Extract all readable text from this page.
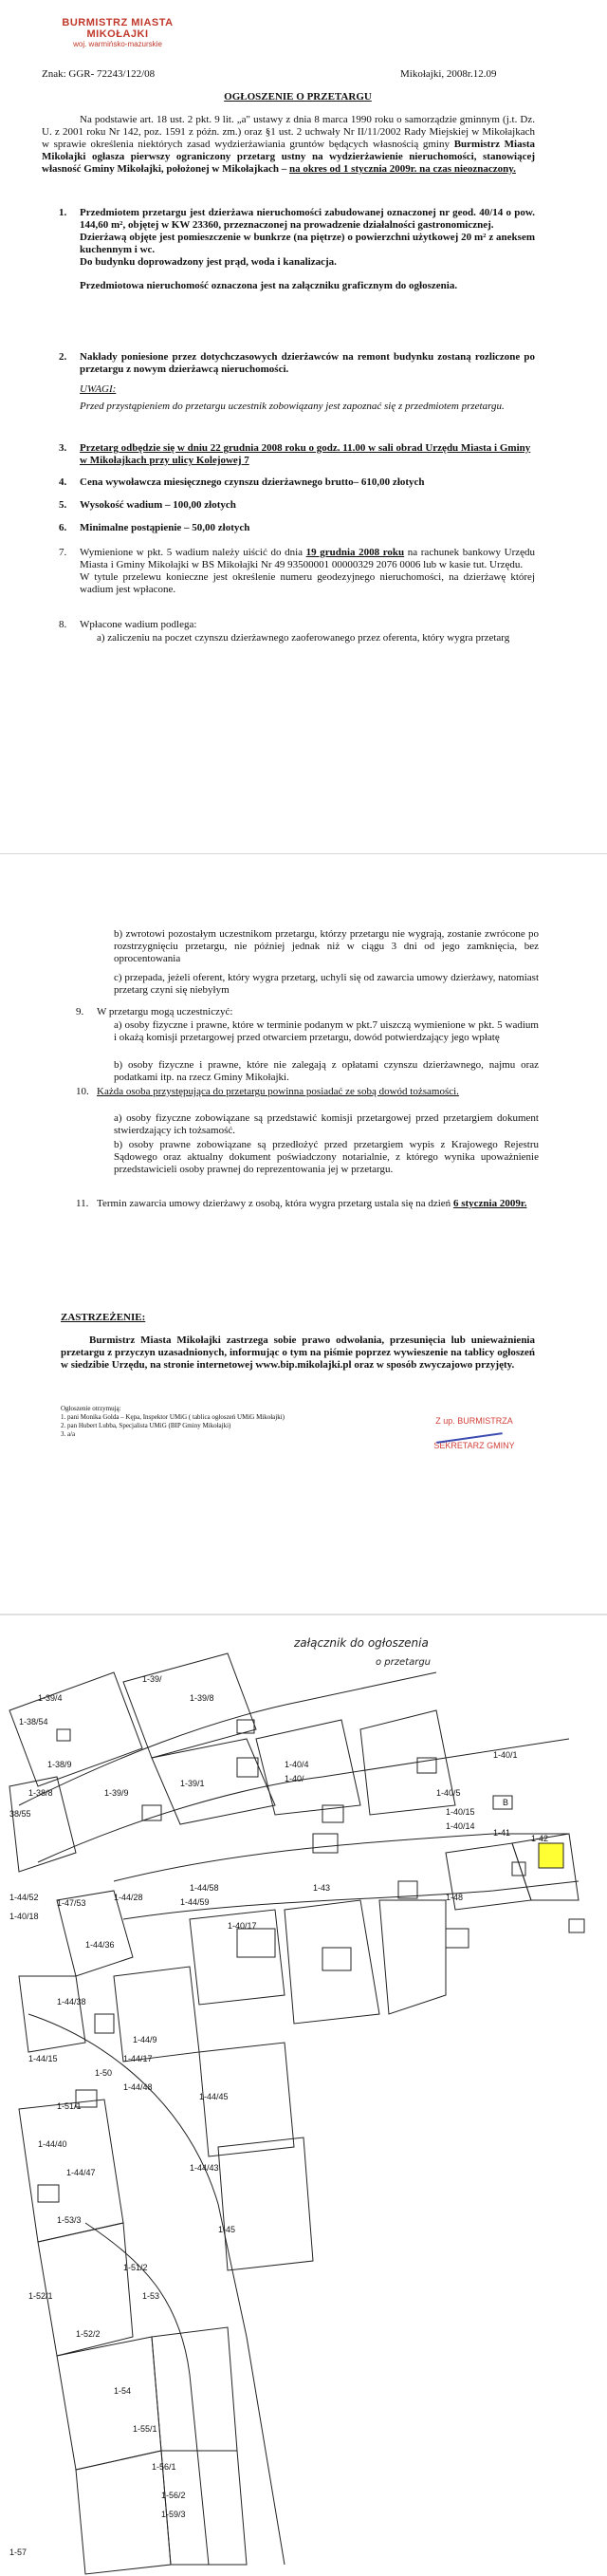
BURMISTRZ MIASTA MIKOŁAJKI
woj. warmińsko-mazurskie
Znak: GGR- 72243/122/08	Mikołajki, 2008r.12.09
OGŁOSZENIE O PRZETARGU
Na podstawie art. 18 ust. 2 pkt. 9 lit. „a" ustawy z dnia 8 marca 1990 roku o samorządzie gminnym (j.t. Dz. U. z 2001 roku Nr 142, poz. 1591 z późn. zm.) oraz §1 ust. 2 uchwały Nr II/11/2002 Rady Miejskiej w Mikołajkach w sprawie określenia niektórych zasad wydzierżawiania gruntów będących własnością gminy Burmistrz Miasta Mikołajki ogłasza pierwszy ograniczony przetarg ustny na wydzierżawienie nieruchomości, stanowiącej własność Gminy Mikołajki, położonej w Mikołajkach – na okres od 1 stycznia 2009r. na czas nieoznaczony.
1. Przedmiotem przetargu jest dzierżawa nieruchomości zabudowanej oznaczonej nr geod. 40/14 o pow. 144,60 m², objętej w KW 23360, przeznaczonej na prowadzenie działalności gastronomicznej.
Dzierżawą objęte jest pomieszczenie w bunkrze (na piętrze) o powierzchni użytkowej 20 m² z aneksem kuchennym i wc.
Do budynku doprowadzony jest prąd, woda i kanalizacja.
Przedmiotowa nieruchomość oznaczona jest na załączniku graficznym do ogłoszenia.
2. Nakłady poniesione przez dotychczasowych dzierżawców na remont budynku zostaną rozliczone po przetargu z nowym dzierżawcą nieruchomości.
UWAGI:
Przed przystąpieniem do przetargu uczestnik zobowiązany jest zapoznać się z przedmiotem przetargu.
3. Przetarg odbędzie się w dniu 22 grudnia 2008 roku o godz. 11.00 w sali obrad Urzędu Miasta i Gminy w Mikołajkach przy ulicy Kolejowej 7
4. Cena wywoławcza miesięcznego czynszu dzierżawnego brutto– 610,00 złotych
5. Wysokość wadium – 100,00 złotych
6. Minimalne postąpienie – 50,00 złotych
7. Wymienione w pkt. 5 wadium należy uiścić do dnia 19 grudnia 2008 roku na rachunek bankowy Urzędu Miasta i Gminy Mikołajki w BS Mikołajki Nr 49 93500001 00000329 2076 0006 lub w kasie tut. Urzędu.
W tytule przelewu konieczne jest określenie numeru geodezyjnego nieruchomości, na dzierżawę której wadium jest wpłacone.
8. Wpłacone wadium podlega:
a) zaliczeniu na poczet czynszu dzierżawnego zaoferowanego przez oferenta, który wygra przetarg
b) zwrotowi pozostałym uczestnikom przetargu, którzy przetargu nie wygrają, zostanie zwrócone po rozstrzygnięciu przetargu, nie później jednak niż w ciągu 3 dni od jego zamknięcia, bez oprocentowania
c) przepada, jeżeli oferent, który wygra przetarg, uchyli się od zawarcia umowy dzierżawy, natomiast przetarg czyni się niebyłym
9. W przetargu mogą uczestniczyć:
a) osoby fizyczne i prawne, które w terminie podanym w pkt.7 uiszczą wymienione w pkt. 5 wadium i okażą komisji przetargowej przed otwarciem przetargu, dowód potwierdzający jego wpłatę
b) osoby fizyczne i prawne, które nie zalegają z opłatami czynszu dzierżawnego, najmu oraz podatkami itp. na rzecz Gminy Mikołajki.
10. Każda osoba przystępująca do przetargu powinna posiadać ze sobą dowód tożsamości.
a) osoby fizyczne zobowiązane są przedstawić komisji przetargowej przed przetargiem dokument stwierdzający ich tożsamość.
b) osoby prawne zobowiązane są przedłożyć przed przetargiem wypis z Krajowego Rejestru Sądowego oraz aktualny dokument poświadczony notarialnie, z którego wynika upoważnienie przedstawicieli osoby prawnej do reprezentowania jej w przetargu.
11. Termin zawarcia umowy dzierżawy z osobą, która wygra przetarg ustala się na dzień 6 stycznia 2009r.
ZASTRZEŻENIE:
Burmistrz Miasta Mikołajki zastrzega sobie prawo odwołania, przesunięcia lub unieważnienia przetargu z przyczyn uzasadnionych, informując o tym na piśmie poprzez wywieszenie na tablicy ogłoszeń w siedzibie Urzędu, na stronie internetowej www.bip.mikolajki.pl oraz w sposób zwyczajowo przyjęty.
Ogłoszenie otrzymują:
1. pani Monika Golda – Kępa, Inspektor UMiG ( tablica ogłoszeń UMiG Mikołajki)
2. pan Hubert Lubba, Specjalista UMiG (BIP Gminy Mikołajki)
3. a/a
Z up. BURMISTRZA
SEKRETARZ GMINY
załącznik do ogłoszenia
o przetargu
1-39/4
1-38/54
1-39/
1-39/8
1-38/9
1-38/8
38/55
1-39/9
1-39/1
1-40/1
1-40/4
1-40/5
1-40/15
1-40/14
1-40/
1-41
1-42
1-44/52
1-47/53
1-44/28
1-44/58
1-44/59
1-43
1-48
1-40/18
1-40/17
1-44/36
1-44/38
1-44/15
1-44/9
1-44/17
1-44/48
1-44/45
1-44/43
1-45
1-50
1-51/1
1-44/40
1-44/47
1-53/3
1-51/2
1-52/1
1-52/2
1-53
1-54
1-55/1
1-56/1
1-56/2
1-59/3
1-57
B
